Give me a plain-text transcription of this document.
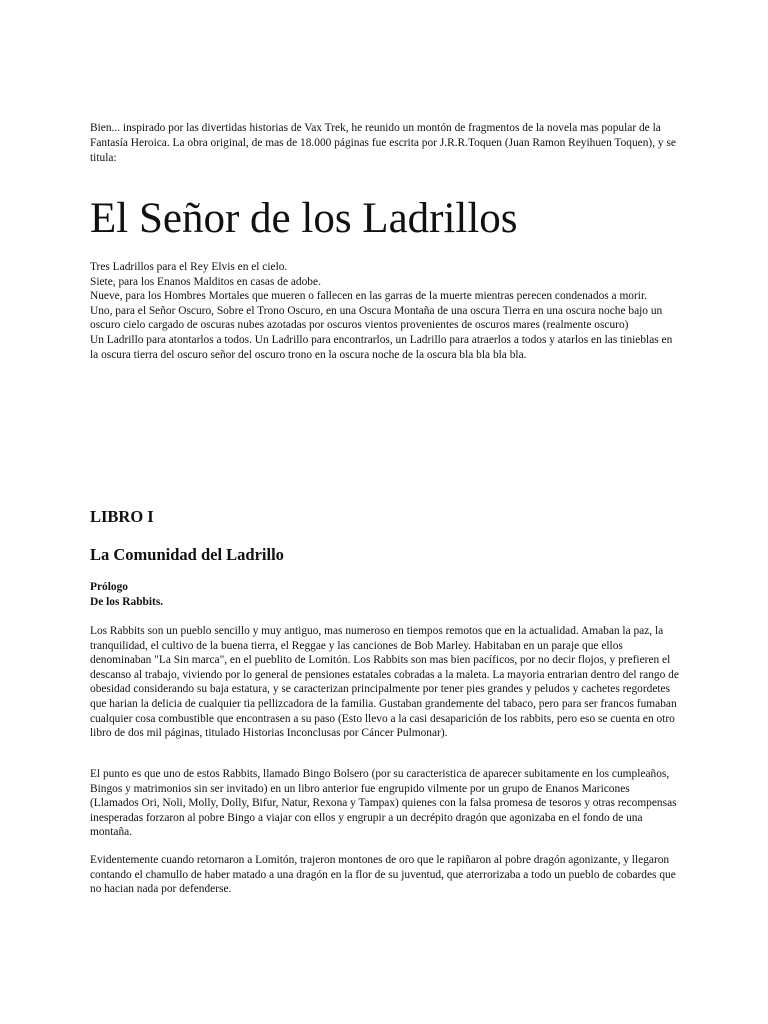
Bien... inspirado por las divertidas historias de Vax Trek, he reunido un montón de fragmentos de la novela mas popular de la Fantasía Heroica. La obra original, de mas de 18.000 páginas fue escrita por J.R.R.Toquen (Juan Ramon Reyihuen Toquen), y se titula:

El Señor de los Ladrillos

Tres Ladrillos para el Rey Elvis en el cielo.
Siete, para los Enanos Malditos en casas de adobe.
Nueve, para los Hombres Mortales que mueren o fallecen en las garras de la muerte mientras perecen condenados a morir.
Uno, para el Señor Oscuro, Sobre el Trono Oscuro, en una Oscura Montaña de una oscura Tierra en una oscura noche bajo un oscuro cielo cargado de oscuras nubes azotadas por oscuros vientos provenientes de oscuros mares (realmente oscuro)
Un Ladrillo para atontarlos a todos. Un Ladrillo para encontrarlos, un Ladrillo para atraerlos a todos y atarlos en las tinieblas en la oscura tierra del oscuro señor del oscuro trono en la oscura noche de la oscura bla bla bla bla.

LIBRO I
La Comunidad del Ladrillo

Prólogo
De los Rabbits.

Los Rabbits son un pueblo sencillo y muy antiguo, mas numeroso en tiempos remotos que en la actualidad. Amaban la paz, la tranquilidad, el cultivo de la buena tierra, el Reggae y las canciones de Bob Marley. Habitaban en un paraje que ellos denominaban "La Sin marca", en el pueblito de Lomitón. Los Rabbits son mas bien pacíficos, por no decir flojos, y prefieren el descanso al trabajo, viviendo por lo general de pensiones estatales cobradas a la maleta. La mayoria entrarian dentro del rango de obesidad considerando su baja estatura, y se caracterizan principalmente por tener pies grandes y peludos y cachetes regordetes que harian la delicia de cualquier tia pellizcadora de la familia. Gustaban grandemente del tabaco, pero para ser francos fumaban cualquier cosa combustible que encontrasen a su paso (Esto llevo a la casi desaparición de los rabbits, pero eso se cuenta en otro libro de dos mil páginas, titulado Historias Inconclusas por Cáncer Pulmonar).

El punto es que uno de estos Rabbits, llamado Bingo Bolsero (por su caracteristica de aparecer subitamente en los cumpleaños, Bingos y matrimonios sin ser invitado) en un libro anterior fue engrupido vilmente por un grupo de Enanos Maricones (Llamados Ori, Noli, Molly, Dolly, Bifur, Natur, Rexona y Tampax) quienes con la falsa promesa de tesoros y otras recompensas inesperadas forzaron al pobre Bingo a viajar con ellos y engrupir a un decrépito dragón que agonizaba en el fondo de una montaña.

Evidentemente cuando retornaron a Lomitón, trajeron montones de oro que le rapiñaron al pobre dragón agonizante, y llegaron contando el chamullo de haber matado a una dragón en la flor de su juventud, que aterrorizaba a todo un pueblo de cobardes que no hacian nada por defenderse.
